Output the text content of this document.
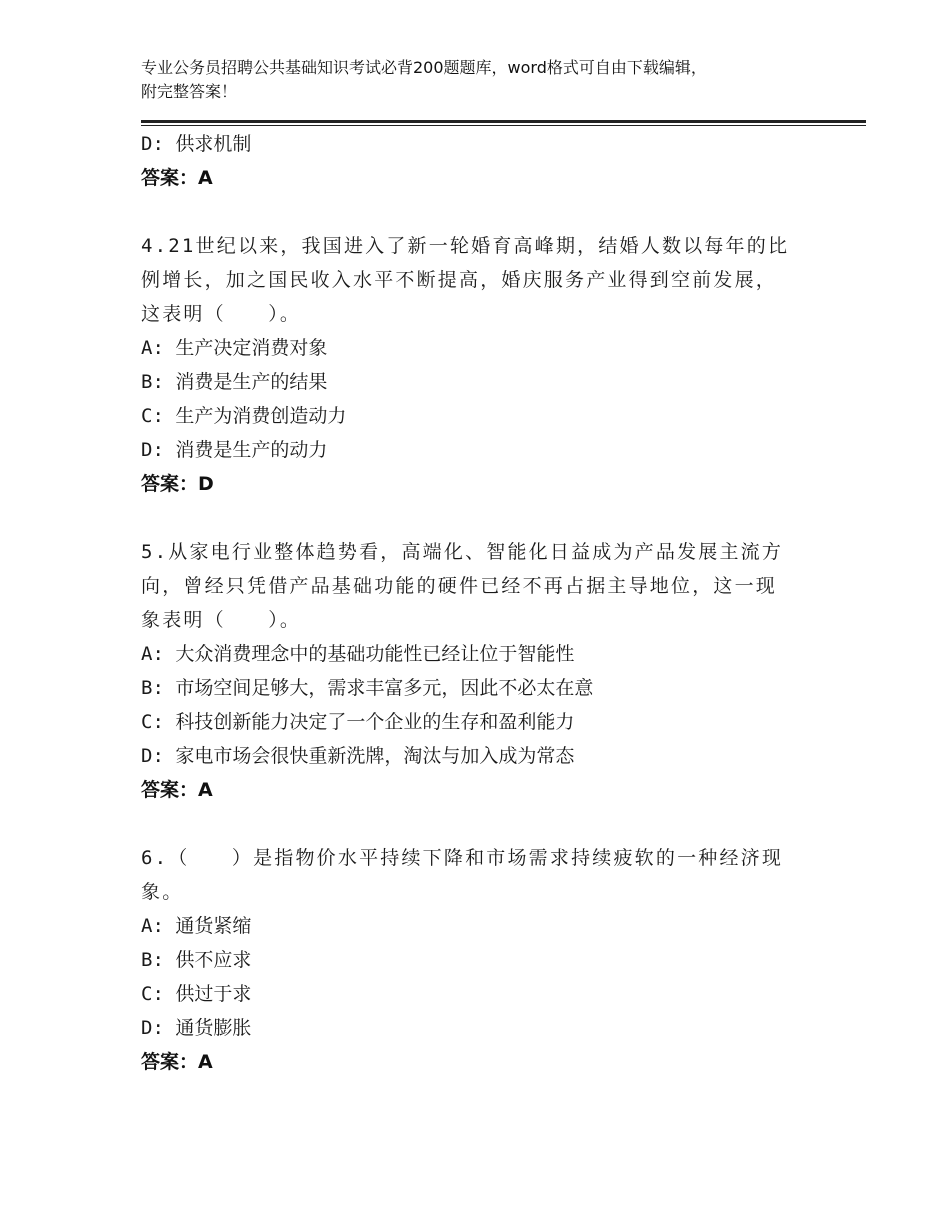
专业公务员招聘公共基础知识考试必背200题题库，word格式可自由下载编辑，
附完整答案！
D: 供求机制
答案：A
4.21世纪以来，我国进入了新一轮婚育高峰期，结婚人数以每年的比
例增长，加之国民收入水平不断提高，婚庆服务产业得到空前发展，
这表明（　　）。
A: 生产决定消费对象
B: 消费是生产的结果
C: 生产为消费创造动力
D: 消费是生产的动力
答案：D
5.从家电行业整体趋势看，高端化、智能化日益成为产品发展主流方
向，曾经只凭借产品基础功能的硬件已经不再占据主导地位，这一现
象表明（　　）。
A: 大众消费理念中的基础功能性已经让位于智能性
B: 市场空间足够大，需求丰富多元，因此不必太在意
C: 科技创新能力决定了一个企业的生存和盈利能力
D: 家电市场会很快重新洗牌，淘汰与加入成为常态
答案：A
6.（　　）是指物价水平持续下降和市场需求持续疲软的一种经济现
象。
A: 通货紧缩
B: 供不应求
C: 供过于求
D: 通货膨胀
答案：A
